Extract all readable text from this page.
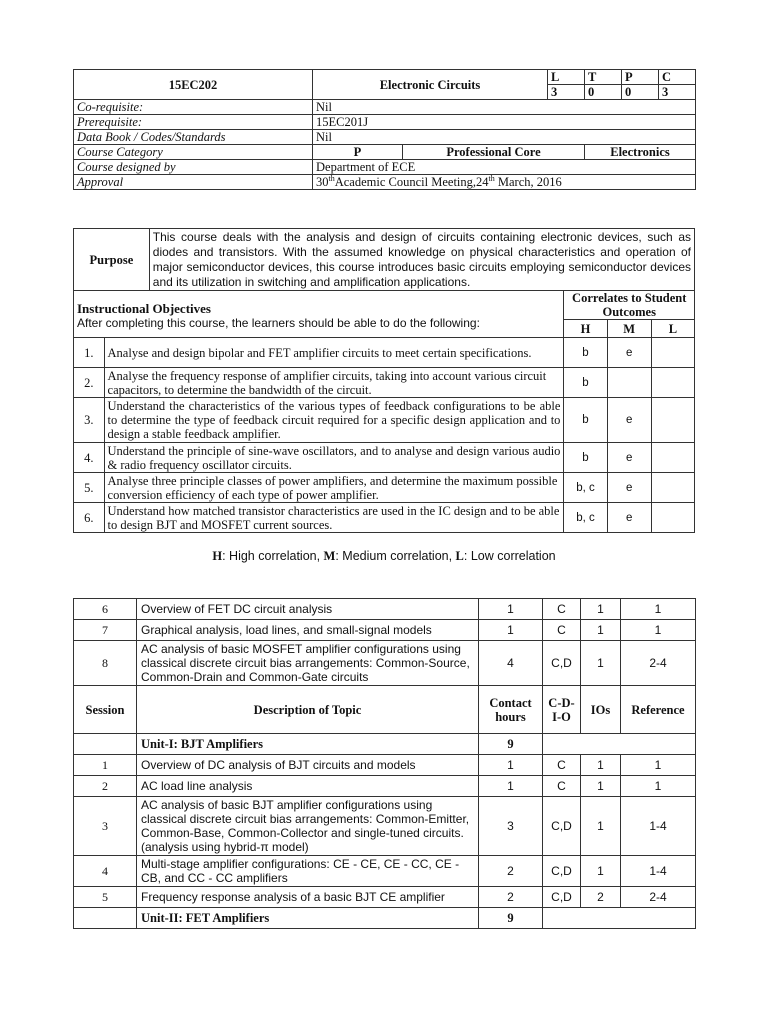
15EC202	Electronic Circuits		L	T	P	C
			3	0	0	3
Co-requisite:	Nil					
Prerequisite:	15EC201J					
Data Book / Codes/Standards	Nil					
Course Category	P	Professional Core		Electronics		
Course designed by	Department of ECE					
Approval	30thAcademic Council Meeting,24th March, 2016					
Purpose		This course deals with the analysis and design of circuits containing electronic devices, such as diodes and transistors. With the assumed knowledge on physical characteristics and operation of major semiconductor devices, this course introduces basic circuits employing semiconductor devices and its utilization in switching and amplification applications.			

Instructional Objectives
After completing this course, the learners should be able to do the following:			Correlates to Student Outcomes		
			H	M	L
1.	Analyse and design bipolar and FET amplifier circuits to meet certain specifications.		b	e	
2.	Analyse the frequency response of amplifier circuits, taking into account various circuit capacitors, to determine the bandwidth of the circuit.		b		
3.	Understand the characteristics of the various types of feedback configurations to be able to determine the type of feedback circuit required for a specific design application and to design a stable feedback amplifier.		b	e	
4.	Understand the principle of sine-wave oscillators, and to analyse and design various audio & radio frequency oscillator circuits.		b	e	
5.	Analyse three principle classes of power amplifiers, and determine the maximum possible conversion efficiency of each type of power amplifier.		b, c	e	
6.	Understand how matched transistor characteristics are used in the IC design and to be able to design BJT and MOSFET current sources.		b, c	e	
H: High correlation, M: Medium correlation, L: Low correlation
6	Overview of FET DC circuit analysis	1	C	1	1
7	Graphical analysis, load lines, and small-signal models	1	C	1	1
8	AC analysis of basic MOSFET amplifier configurations using classical discrete circuit bias arrangements: Common-Source, Common-Drain and Common-Gate circuits	4	C,D	1	2-4
Session	Description of Topic	Contact hours	C-D-I-O	IOs	Reference
	Unit-I: BJT Amplifiers	9			
1	Overview of DC analysis of BJT circuits and models	1	C	1	1
2	AC load line analysis	1	C	1	1
3	AC analysis of basic BJT amplifier configurations using classical discrete circuit bias arrangements: Common-Emitter, Common-Base, Common-Collector and single-tuned circuits. (analysis using hybrid-π model)	3	C,D	1	1-4
4	Multi-stage amplifier configurations: CE - CE, CE - CC, CE - CB, and CC - CC amplifiers	2	C,D	1	1-4
5	Frequency response analysis of a basic BJT CE amplifier	2	C,D	2	2-4
	Unit-II: FET Amplifiers	9			
